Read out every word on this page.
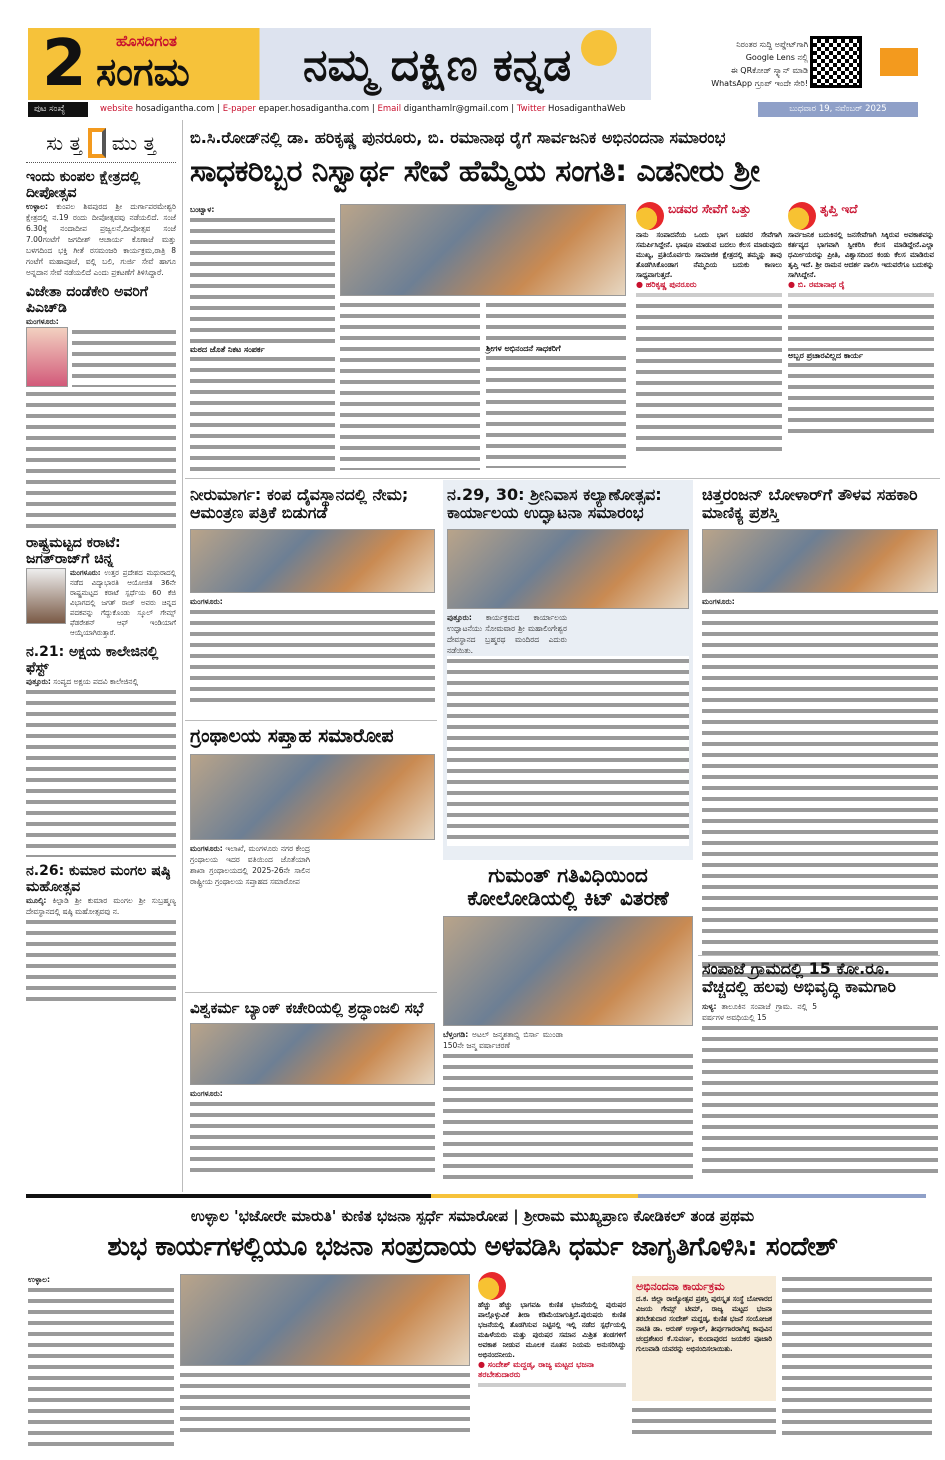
2 ಹೊಸದಿಗಂತ
ಸಂಗಮ	ನಮ್ಮ ದಕ್ಷಿಣ ಕನ್ನಡ	ನಿರಂತರ ಸುದ್ದಿ ಅಪ್ಡೇಟ್‌ಗಾಗಿ
Google Lens ನಲ್ಲಿ
ಈ QRಕೋಡ್ ಸ್ಕ್ಯಾನ್ ಮಾಡಿ
WhatsApp ಗ್ರೂಪ್ ಇಂದೇ ಸೇರಿ!
ಪುಟ ಸಂಖ್ಯೆ	website hosadigantha.com | E-paper epaper.hosadigantha.com | Email diganthamlr@gmail.com | Twitter HosadiganthaWeb	ಬುಧವಾರ 19, ನವೆಂಬರ್ 2025
ಸು ತ್ತ ಮು ತ್ತ
ಇಂದು ಕುಂಪಲ ಕ್ಷೇತ್ರದಲ್ಲಿ ದೀಪೋತ್ಸವ

ಉಳ್ಳಾಲ: ಕುಂಪಲ ಶಿವಪುರದ ಶ್ರೀ ದುರ್ಗಾಪರಮೇಶ್ವರಿ ಕ್ಷೇತ್ರದಲ್ಲಿ ನ.19 ರಂದು ದೀಪೋತ್ಸವವು ನಡೆಯಲಿದೆ. ಸಂಜೆ 6.30ಕ್ಕೆ ನಂದಾದೀಪ ಪ್ರಜ್ವಲನೆ,ದೀಪೋತ್ಸವ ಸಂಜೆ 7.00ಗಂಟೆಗೆ ಜಗದೀಶ್ ಆಚಾರ್ಯ ಕೊಣಾಜೆ ಮತ್ತು ಬಳಗದಿಂದ ಭಕ್ತಿ ಗೀತೆ ರಸಮಂಜರಿ ಕಾರ್ಯಕ್ರಮ,ರಾತ್ರಿ 8 ಗಂಟೆಗೆ ಮಹಾಪೂಜೆ, ವಲ್ಲಿ ಬಲಿ, ಗುರ್ಜಿ ಸೇವೆ ಹಾಗೂ ಅನ್ನದಾನ ಸೇವೆ ನಡೆಯಲಿದೆ ಎಂದು ಪ್ರಕಟಣೆಗೆ ತಿಳಿಸಿದ್ದಾರೆ.

ವಿಜೇತಾ ದಂಡೆಕೇರಿ ಅವರಿಗೆ ಪಿಎಚ್‌ಡಿ

ಮಂಗಳೂರು:

ರಾಷ್ಟ್ರಮಟ್ಟದ ಕರಾಟೆ: ಜಗತ್‌ರಾಜ್‌ಗೆ ಚಿನ್ನ

ಮಂಗಳೂರು: ಉತ್ತರ ಪ್ರದೇಶದ ಮಥುರಾದಲ್ಲಿ ನಡೆದ ವಿದ್ಯಾಭಾರತಿ ಆಯೋಜಿತ 36ನೇ ರಾಷ್ಟ್ರಮಟ್ಟದ ಕರಾಟೆ ಸ್ಪರ್ಧೆಯ 60 ಕೆಜಿ ವಿಭಾಗದಲ್ಲಿ ಜಗತ್ ರಾಜ್ ಅವರು ಚಿನ್ನದ ಪದಕವನ್ನು ಗೆದ್ದುಕೊಂಡು ಸ್ಕೂಲ್ ಗೇಮ್ಸ್ ಫೆಡರೇಶನ್ ಆಫ್ ಇಂಡಿಯಾಗೆ ಆಯ್ಕೆಯಾಗಿರುತ್ತಾರೆ.

ನ.21: ಅಕ್ಷಯ ಕಾಲೇಜಿನಲ್ಲಿ ಫೆಸ್ಟ್

ಪುತ್ತೂರು: ಸಂಪ್ಯದ ಅಕ್ಷಯ ಪದವಿ ಕಾಲೇಜಿನಲ್ಲಿ

ನ.26: ಕುಮಾರ ಮಂಗಲ ಷಷ್ಠಿ ಮಹೋತ್ಸವ

ಮೂಲ್ಕಿ: ಕಿಲ್ಪಾಡಿ ಶ್ರೀ ಕುಮಾರ ಮಂಗಲ ಶ್ರೀ ಸುಬ್ರಹ್ಮಣ್ಯ ದೇವಸ್ಥಾನದಲ್ಲಿ ಷಷ್ಠಿ ಮಹೋತ್ಸವವು ನ.

ಬಿ.ಸಿ.ರೋಡ್‌ನಲ್ಲಿ ಡಾ. ಹರಿಕೃಷ್ಣ ಪುನರೂರು, ಬಿ. ರಮಾನಾಥ ರೈಗೆ ಸಾರ್ವಜನಿಕ ಅಭಿನಂದನಾ ಸಮಾರಂಭ
ಸಾಧಕರಿಬ್ಬರ ನಿಸ್ವಾರ್ಥ ಸೇವೆ ಹೆಮ್ಮೆಯ ಸಂಗತಿ: ಎಡನೀರು ಶ್ರೀ

ಬಂಟ್ವಾಳ:

ಮಠದ ಜೊತೆ ನಿಕಟ ಸಂಪರ್ಕ	ಶ್ರೀಗಳ ಅಭಿನಂದನೆ ಸಾಧಕರಿಗೆ
ಬಡವರ ಸೇವೆಗೆ ಒತ್ತು

ನಾನು ಸಂಪಾದನೆಯ ಒಂದು ಭಾಗ ಬಡವರ ಸೇವೆಗಾಗಿ ಸಮರ್ಪಿಸಿದ್ದೇನೆ. ಭಾಷಣ ಮಾಡುವ ಬದಲು ಕೆಲಸ ಮಾಡುವುದು ಮುಖ್ಯ, ಪ್ರತಿಯೊರ್ವರು ಸಾಮಾಜಿಕ ಕ್ಷೇತ್ರದಲ್ಲಿ ತಮ್ಮನ್ನು ತಾವು ತೊಡಗಿಸಿಕೊಂಡಾಗ ನೆಮ್ಮದಿಯ ಬದುಕು ಕಾಣಲು ಸಾಧ್ಯವಾಗುತ್ತದೆ.

● ಹರಿಕೃಷ್ಣ ಪುನರೂರು
ತೃಪ್ತಿ ಇದೆ

ಸಾರ್ವಜನಿಕ ಬದುಕಿನಲ್ಲಿ ಜನಸೇವೆಗಾಗಿ ಸಿಕ್ಕಿರುವ ಅವಕಾಶವನ್ನು ಕರ್ತವ್ಯದ ಭಾಗವಾಗಿ ಸ್ವೀಕರಿಸಿ ಕೆಲಸ ಮಾಡಿದ್ದೇನೆ.ಎಲ್ಲಾ ಧರ್ಮೀಯರನ್ನು ಪ್ರೀತಿ, ವಿಶ್ವಾಸದಿಂದ ಕಂಡು ಕೆಲಸ ಮಾಡಿರುವ ತೃಪ್ತಿ ಇದೆ. ಶ್ರೀ ರಾಮನ ಆದರ್ಶ ಪಾಲಿಸಿ ಇದುವರೆಗೂ ಬದುಕನ್ನು ಸಾಗಿಸಿದ್ದೇನೆ.

● ಬಿ. ರಮಾನಾಥ ರೈ
ಅಬ್ಬರ ಪ್ರಚಾರವಿಲ್ಲದ ಕಾರ್ಯ
ನೀರುಮಾರ್ಗ: ಕಂಪ ದೈವಸ್ಥಾನದಲ್ಲಿ ನೇಮ; ಆಮಂತ್ರಣ ಪತ್ರಿಕೆ ಬಿಡುಗಡೆ

ಮಂಗಳೂರು:

ನ.29, 30: ಶ್ರೀನಿವಾಸ ಕಲ್ಯಾಣೋತ್ಸವ: ಕಾರ್ಯಾಲಯ ಉದ್ಘಾಟನಾ ಸಮಾರಂಭ

ಪುತ್ತೂರು: ಕಾರ್ಯಕ್ರಮದ ಕಾರ್ಯಾಲಯ ಉದ್ಘಾಟನೆಯು ಸೋಮವಾರ ಶ್ರೀ ಮಹಾಲಿಂಗೇಶ್ವರ ದೇವಸ್ಥಾನದ ಬ್ರಹ್ಮರಥ ಮಂದಿರದ ಎದುರು ನಡೆಯಿತು.

ಚಿತ್ತರಂಜನ್ ಬೋಳಾರ್‌ಗೆ ತೌಳವ ಸಹಕಾರಿ ಮಾಣಿಕ್ಯ ಪ್ರಶಸ್ತಿ

ಮಂಗಳೂರು:

ಗ್ರಂಥಾಲಯ ಸಪ್ತಾಹ ಸಮಾರೋಪ

ಮಂಗಳೂರು: ಇಲಾಖೆ, ಮಂಗಳೂರು ನಗರ ಕೇಂದ್ರ ಗ್ರಂಥಾಲಯ ಇದರ ವತಿಯಿಂದ ಜೊತೆಯಾಗಿ ಶಾಖಾ ಗ್ರಂಥಾಲಯದಲ್ಲಿ 2025-26ನೇ ಸಾಲಿನ ರಾಷ್ಟ್ರೀಯ ಗ್ರಂಥಾಲಯ ಸಪ್ತಾಹದ ಸಮಾರೋಪ

ವಿಶ್ವಕರ್ಮ ಬ್ಯಾಂಕ್ ಕಚೇರಿಯಲ್ಲಿ ಶ್ರದ್ಧಾಂಜಲಿ ಸಭೆ

ಮಂಗಳೂರು:

ಗುಮಂತ್ ಗತಿವಿಧಿಯಿಂದ ಕೋಲೋಡಿಯಲ್ಲಿ ಕಿಟ್ ವಿತರಣೆ

ಬೆಳ್ತಂಗಡಿ: ಅಟಲ್ ಜನ್ಮಶತಾಬ್ದಿ ಬಿರ್ಸಾ ಮುಂಡಾ 150ನೇ ಜನ್ಮ ವರ್ಷಾಚರಣೆ

ಸಂಪಾಜೆ ಗ್ರಾಮದಲ್ಲಿ 15 ಕೋ.ರೂ. ವೆಚ್ಚದಲ್ಲಿ ಹಲವು ಅಭಿವೃದ್ಧಿ ಕಾಮಗಾರಿ

ಸುಳ್ಯ: ತಾಲೂಕಿನ ಸಂಪಾಜೆ ಗ್ರಾಮ. ನಲ್ಲಿ 5 ವರ್ಷಗಳ ಅವಧಿಯಲ್ಲಿ 15

ಉಳ್ಳಾಲ 'ಭಜೋರೇ ಮಾರುತಿ' ಕುಣಿತ ಭಜನಾ ಸ್ಪರ್ಧೆ ಸಮಾರೋಪ | ಶ್ರೀರಾಮ ಮುಖ್ಯಪ್ರಾಣ ಕೋಡಿಕಲ್ ತಂಡ ಪ್ರಥಮ
ಶುಭ ಕಾರ್ಯಗಳಲ್ಲಿಯೂ ಭಜನಾ ಸಂಪ್ರದಾಯ ಅಳವಡಿಸಿ ಧರ್ಮ ಜಾಗೃತಿಗೊಳಿಸಿ: ಸಂದೇಶ್

ಉಳ್ಳಾಲ:

ಹೆಚ್ಚು ಹೆಚ್ಚು ಭಾಗವಹಿ ಕುಣಿತ ಭಜನೆಯಲ್ಲಿ ಪುರುಷರ ಪಾಲ್ಗೊಳ್ಳುವಿಕೆ ತೀರಾ ಕಡಿಮೆಯಾಗುತ್ತಿದೆ.ಪುರುಷರು ಕುಣಿತ ಭಜನೆಯಲ್ಲಿ ತೊಡಗಿಸುವ ನಿಟ್ಟಿನಲ್ಲಿ ಇಲ್ಲಿ ನಡೆದ ಸ್ಪರ್ಧೆಯಲ್ಲಿ ಮಹಿಳೆಯರು ಮತ್ತು ಪುರುಷರ ಸಮಾನ ಮಿಶ್ರಿತ ತಂಡಗಳಿಗೆ ಅವಕಾಶ ನೀಡುವ ಮೂಲಕ ನೂತನ ನಿಯಮ ಅನುಸರಿಸಿದ್ದು ಅಭಿನಂದನೀಯ.

● ಸಂದೇಶ್ ಮದ್ದಡ್ಕ, ರಾಜ್ಯ ಮಟ್ಟದ ಭಜನಾ ತರಬೇತುದಾರರು
ಅಭಿನಂದನಾ ಕಾರ್ಯಕ್ರಮ

ದ.ಕ. ಜಿಲ್ಲಾ ರಾಜ್ಯೋತ್ಸವ ಪ್ರಶಸ್ತಿ ಪುರಸ್ಕೃತ ಸಂಸ್ಥೆ ಬೋಳಾರದ ವಿಜಯ ಗೇಮ್ಸ್ ಟೀಮ್, ರಾಜ್ಯ ಮಟ್ಟದ ಭಜನಾ ತರಬೇತುದಾರ ಸಂದೇಶ್ ಮದ್ದಡ್ಕ, ಕುಣಿತ ಭಜನೆ ಸಂಯೋಜಕ ನಾಟಿತಿ ಡಾ. ಅರುಣ್ ಉಳ್ಳಾಲ್, ತೀರ್ಪುಗಾರರಾಗಿದ್ದ ಕಾಪುವಿನ ಚಂದ್ರಶೇಖರ ಕೆ.ಸುವರ್ಣ, ಕುಂದಾಪುರದ ಜಯಕರ ಪೂಜಾರಿ ಗುಲುವಾಡಿ ಯವರನ್ನು ಅಭಿನಂದಿಸಲಾಯಿತು.
